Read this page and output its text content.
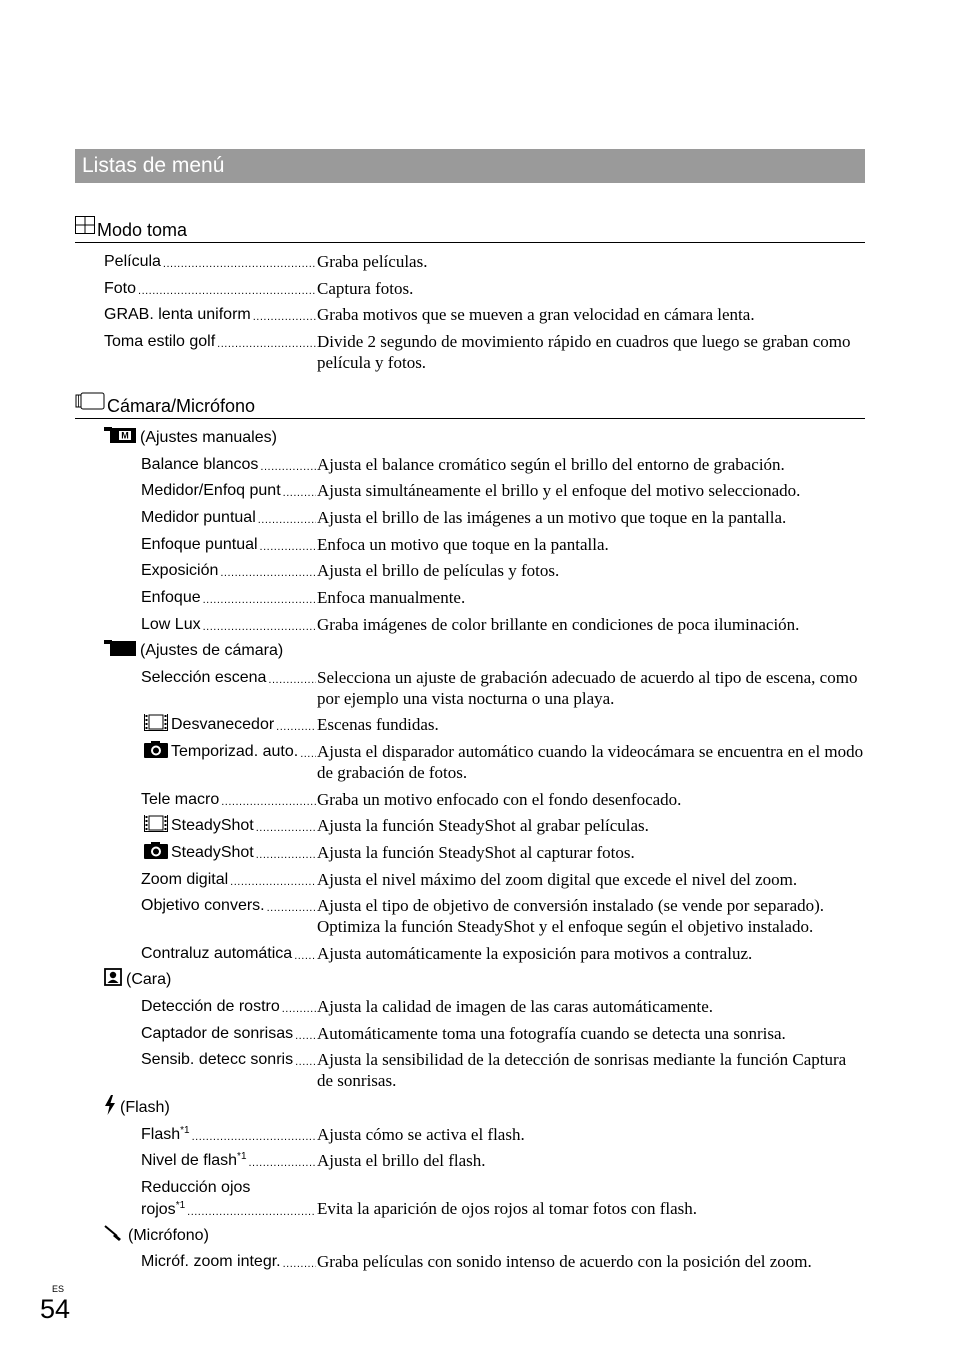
Listas de menú
Modo toma
Película .....	Graba películas.
Foto .....	Captura fotos.
GRAB. lenta uniform .....	Graba motivos que se mueven a gran velocidad en cámara lenta.
Toma estilo golf .....	Divide 2 segundo de movimiento rápido en cuadros que luego se graban como película y fotos.
Cámara/Micrófono
M (Ajustes manuales)
Balance blancos .....	Ajusta el balance cromático según el brillo del entorno de grabación.
Medidor/Enfoq punt ..... Ajusta simultáneamente el brillo y el enfoque del motivo seleccionado.
Medidor puntual .....	Ajusta el brillo de las imágenes a un motivo que toque en la pantalla.
Enfoque puntual .....	Enfoca un motivo que toque en la pantalla.
Exposición .....	Ajusta el brillo de películas y fotos.
Enfoque .....	Enfoca manualmente.
Low Lux .....	Graba imágenes de color brillante en condiciones de poca iluminación.
(Ajustes de cámara)
Selección escena .....	Selecciona un ajuste de grabación adecuado de acuerdo al tipo de escena, como por ejemplo una vista nocturna o una playa.
Desvanecedor .....	Escenas fundidas.
Temporizad. auto. ..... Ajusta el disparador automático cuando la videocámara se encuentra en el modo de grabación de fotos.
Tele macro .....	Graba un motivo enfocado con el fondo desenfocado.
SteadyShot .....	Ajusta la función SteadyShot al grabar películas.
SteadyShot .....	Ajusta la función SteadyShot al capturar fotos.
Zoom digital .....	Ajusta el nivel máximo del zoom digital que excede el nivel del zoom.
Objetivo convers. .....	Ajusta el tipo de objetivo de conversión instalado (se vende por separado). Optimiza la función SteadyShot y el enfoque según el objetivo instalado.
Contraluz automática ..... Ajusta automáticamente la exposición para motivos a contraluz.
(Cara)
Detección de rostro ..... Ajusta la calidad de imagen de las caras automáticamente.
Captador de sonrisas ..... Automáticamente toma una fotografía cuando se detecta una sonrisa.
Sensib. detecc sonris ..... Ajusta la sensibilidad de la detección de sonrisas mediante la función Captura de sonrisas.
(Flash)
Flash$^{*1}$ .....	Ajusta cómo se activa el flash.
Nivel de flash$^{*1}$ .....	Ajusta el brillo del flash.
Reducción ojos
rojos$^{*1}$ .....	Evita la aparición de ojos rojos al tomar fotos con flash.
(Micrófono)
Micróf. zoom integr. ..... Graba películas con sonido intenso de acuerdo con la posición del zoom.
ES
54
